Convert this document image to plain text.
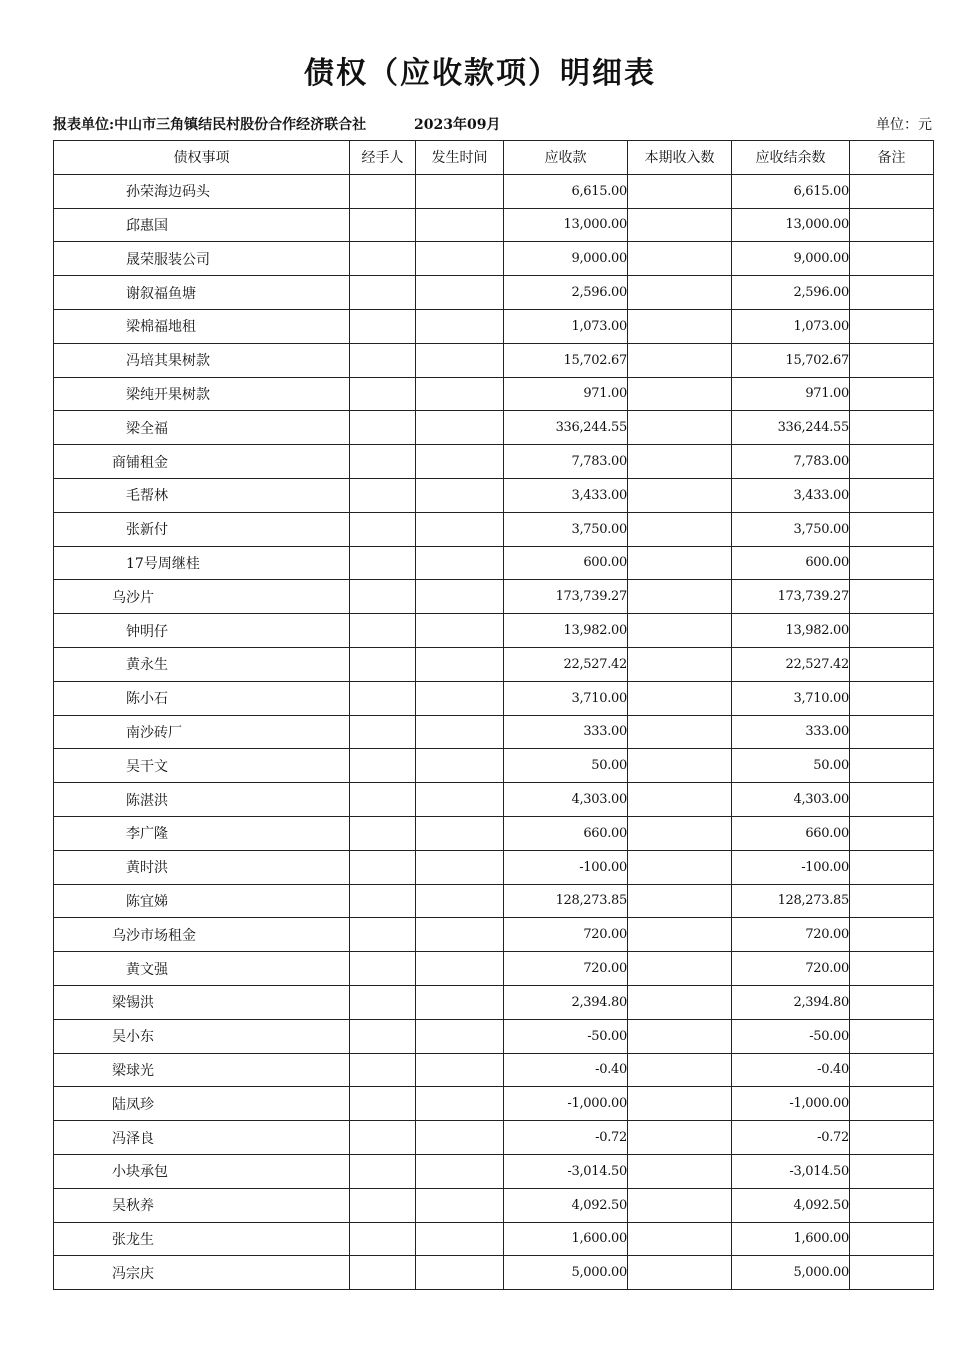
债权（应收款项）明细表
报表单位:中山市三角镇结民村股份合作经济联合社	2023年09月	单位：元
债权事项	经手人	发生时间	应收款	本期收入数	应收结余数	备注
孙荣海边码头			6,615.00		6,615.00	
邱惠国			13,000.00		13,000.00	
晟荣服装公司			9,000.00		9,000.00	
谢叙福鱼塘			2,596.00		2,596.00	
梁棉福地租			1,073.00		1,073.00	
冯培其果树款			15,702.67		15,702.67	
梁纯开果树款			971.00		971.00	
梁全福			336,244.55		336,244.55	
商铺租金			7,783.00		7,783.00	
毛帮林			3,433.00		3,433.00	
张新付			3,750.00		3,750.00	
17号周继桂			600.00		600.00	
乌沙片			173,739.27		173,739.27	
钟明仔			13,982.00		13,982.00	
黄永生			22,527.42		22,527.42	
陈小石			3,710.00		3,710.00	
南沙砖厂			333.00		333.00	
吴干文			50.00		50.00	
陈湛洪			4,303.00		4,303.00	
李广隆			660.00		660.00	
黄时洪			-100.00		-100.00	
陈宜娣			128,273.85		128,273.85	
乌沙市场租金			720.00		720.00	
黄文强			720.00		720.00	
梁锡洪			2,394.80		2,394.80	
吴小东			-50.00		-50.00	
梁球光			-0.40		-0.40	
陆凤珍			-1,000.00		-1,000.00	
冯泽良			-0.72		-0.72	
小块承包			-3,014.50		-3,014.50	
吴秋养			4,092.50		4,092.50	
张龙生			1,600.00		1,600.00	
冯宗庆			5,000.00		5,000.00	
